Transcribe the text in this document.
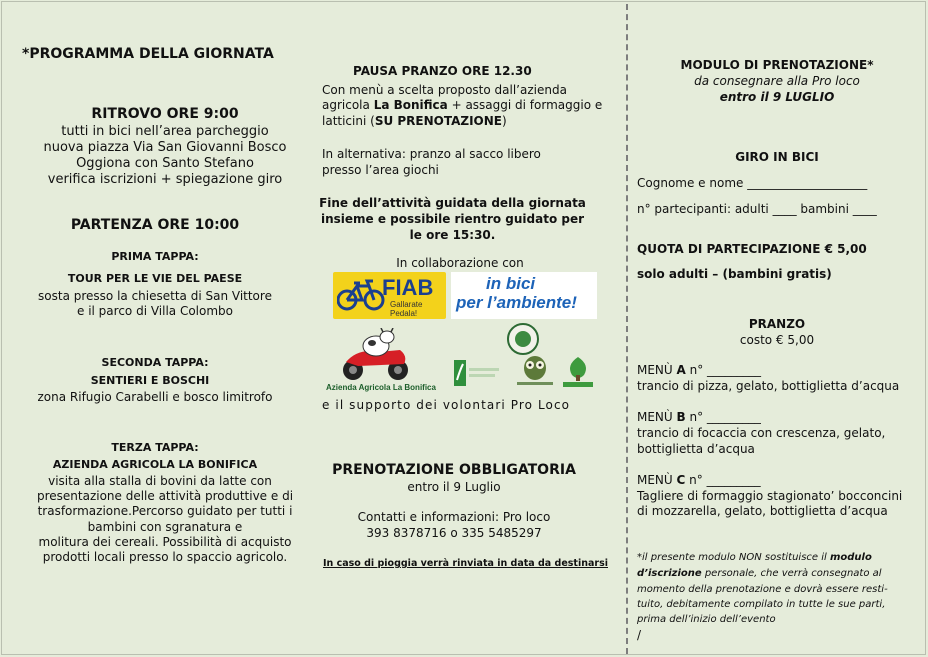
*PROGRAMMA DELLA GIORNATA
RITROVO ORE 9:00
tutti in bici nell’area parcheggio
nuova piazza Via San Giovanni Bosco
Oggiona con Santo Stefano
verifica iscrizioni + spiegazione giro
PARTENZA ORE 10:00
PRIMA TAPPA:
TOUR PER LE VIE DEL PAESE
sosta presso la chiesetta di San Vittore
e il parco di Villa Colombo
SECONDA TAPPA:
SENTIERI E BOSCHI
zona Rifugio Carabelli e bosco limitrofo
TERZA TAPPA:
AZIENDA AGRICOLA LA BONIFICA
visita alla stalla di bovini da latte con
presentazione delle attività produttive e di
trasformazione.Percorso guidato per tutti i
bambini con sgranatura e
molitura dei cereali. Possibilità di acquisto
prodotti locali presso lo spaccio agricolo.
PAUSA PRANZO ORE 12.30
Con menù a scelta proposto dall’azienda
agricola La Bonifica + assaggi di formaggio e
latticini (SU PRENOTAZIONE)
In alternativa: pranzo al sacco libero
presso l’area giochi
Fine dell’attività guidata della giornata
insieme e possibile rientro guidato per
le ore 15:30.
In collaborazione con
FIAB
Gallarate
Pedala!
in bici
per l’ambiente!
Azienda Agricola La Bonifica
e il supporto dei volontari Pro Loco
PRENOTAZIONE OBBLIGATORIA
entro il 9 Luglio
Contatti e informazioni: Pro loco
393 8378716 o 335 5485297
In caso di pioggia verrà rinviata in data da destinarsi
MODULO DI PRENOTAZIONE*
da consegnare alla Pro loco
entro il 9 LUGLIO
GIRO IN BICI
Cognome e nome ____________________
n° partecipanti: adulti ____ bambini ____
QUOTA DI PARTECIPAZIONE € 5,00
solo adulti – (bambini gratis)
PRANZO
costo € 5,00
MENÙ A n° _________
trancio di pizza, gelato, bottiglietta d’acqua
MENÙ B n° _________
trancio di focaccia con crescenza, gelato,
bottiglietta d’acqua
MENÙ C n° _________
Tagliere di formaggio stagionato’ bocconcini
di mozzarella, gelato, bottiglietta d’acqua
*il presente modulo NON sostituisce il modulo
d’iscrizione personale, che verrà consegnato al
momento della prenotazione e dovrà essere resti-
tuito, debitamente compilato in tutte le sue parti,
prima dell’inizio dell’evento
/
